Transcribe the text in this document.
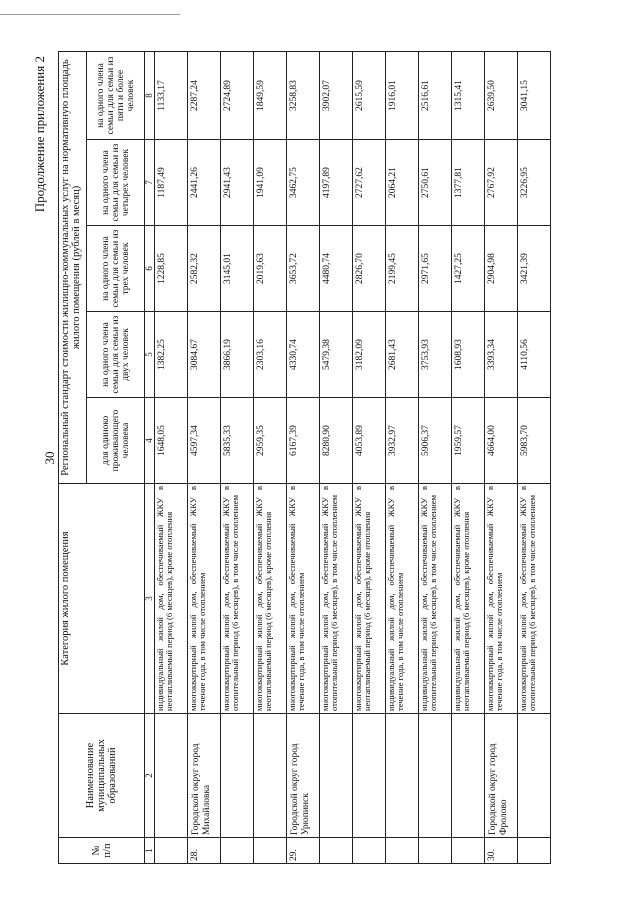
30
Продолжение приложения 2
№ п/п	Наименование муниципальных образований	Категория жилого помещения	Региональный стандарт стоимости жилищно-коммунальных услуг на нормативную площадь жилого помещения (рублей в месяц)				
			для одиноко проживающего человека	на одного члена семьи для семьи из двух человек	на одного члена семьи для семьи из трех человек	на одного члена семьи для семьи из четырех человек	на одного члена семьи для семьи из пяти и более человек
1	2	3	4	5	6	7	8
		индивидуальный жилой дом, обеспечиваемый ЖКУ в неотапливаемый период (6 месяцев), кроме отопления	1648,05	1382,25	1228,85	1187,49	1133,17
28.	Городской округ город Михайловка	многоквартирный жилой дом, обеспечиваемый ЖКУ в течение года, в том числе отоплением	4597,34	3084,67	2582,32	2441,26	2287,24
		многоквартирный жилой дом, обеспечиваемый ЖКУ в отопительный период (6 месяцев), в том числе отоплением	5835,33	3866,19	3145,01	2941,43	2724,89
		многоквартирный жилой дом, обеспечиваемый ЖКУ в неотапливаемый период (6 месяцев), кроме отопления	2959,35	2303,16	2019,63	1941,09	1849,59
29.	Городской округ город Урюпинск	многоквартирный жилой дом, обеспечиваемый ЖКУ в течение года, в том числе отоплением	6167,39	4330,74	3653,72	3462,75	3258,83
		многоквартирный жилой дом, обеспечиваемый ЖКУ в отопительный период (6 месяцев), в том числе отоплением	8280,90	5479,38	4480,74	4197,89	3902,07
		многоквартирный жилой дом, обеспечиваемый ЖКУ в неотапливаемый период (6 месяцев), кроме отопления	4053,89	3182,09	2826,70	2727,62	2615,59
		индивидуальный жилой дом, обеспечиваемый ЖКУ в течение года, в том числе отоплением	3932,97	2681,43	2199,45	2064,21	1916,01
		индивидуальный жилой дом, обеспечиваемый ЖКУ в отопительный период (6 месяцев), в том числе отоплением	5906,37	3753,93	2971,65	2750,61	2516,61
		индивидуальный жилой дом, обеспечиваемый ЖКУ в неотапливаемый период (6 месяцев), кроме отопления	1959,57	1608,93	1427,25	1377,81	1315,41
30.	Городской округ город Фролово	многоквартирный жилой дом, обеспечиваемый ЖКУ в течение года, в том числе отоплением	4664,00	3393,34	2904,98	2767,92	2639,50
		многоквартирный жилой дом, обеспечиваемый ЖКУ в отопительный период (6 месяцев), в том числе отоплением	5983,70	4110,56	3421,39	3226,95	3041,15
